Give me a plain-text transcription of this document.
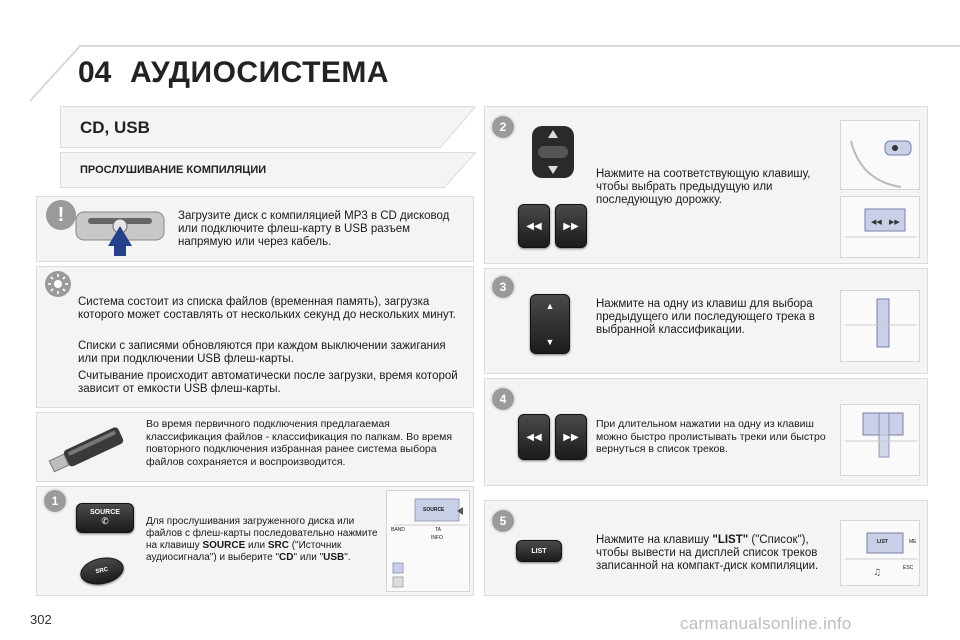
04 АУДИОСИСТЕМА
CD, USB
ПРОСЛУШИВАНИЕ КОМПИЛЯЦИИ
!	Загрузите диск с компиляцией MP3 в CD дисковод или подключите флеш-карту в USB разъем напрямую или через кабель.
Система состоит из списка файлов (временная память), загрузка которого может составлять от нескольких секунд до нескольких минут.
Списки с записями обновляются при каждом выключении зажигания или при подключении USB флеш-карты.
Считывание происходит автоматически после загрузки, время которой зависит от емкости USB флеш-карты.
Во время первичного подключения предлагаемая классификация файлов - классификация по папкам. Во время повторного подключения избранная ранее система выбора файлов сохраняется и воспроизводится.
1
SOURCE
✆
SRC
Для прослушивания загруженного диска или файлов с флеш-карты последовательно нажмите на клавишу SOURCE или SRC ("Источник аудиосигнала") и выберите "CD" или "USB".
SOURCE
BAND	TA
INFO
2
◀◀	▶▶
Нажмите на соответствующую клавишу, чтобы выбрать предыдущую или последующую дорожку.
◀◀ ▶▶
3
▲
▼
Нажмите на одну из клавиш для выбора предыдущего или последующего трека в выбранной классификации.
4
◀◀	▶▶
При длительном нажатии на одну из клавиш можно быстро пролистывать треки или быстро вернуться в список треков.
5
LIST
Нажмите на клавишу "LIST" ("Список"), чтобы вывести на дисплей список треков записанной на компакт-диск компиляции.
♫
LIST	ME
ESC
302	carmanualsonline.info
